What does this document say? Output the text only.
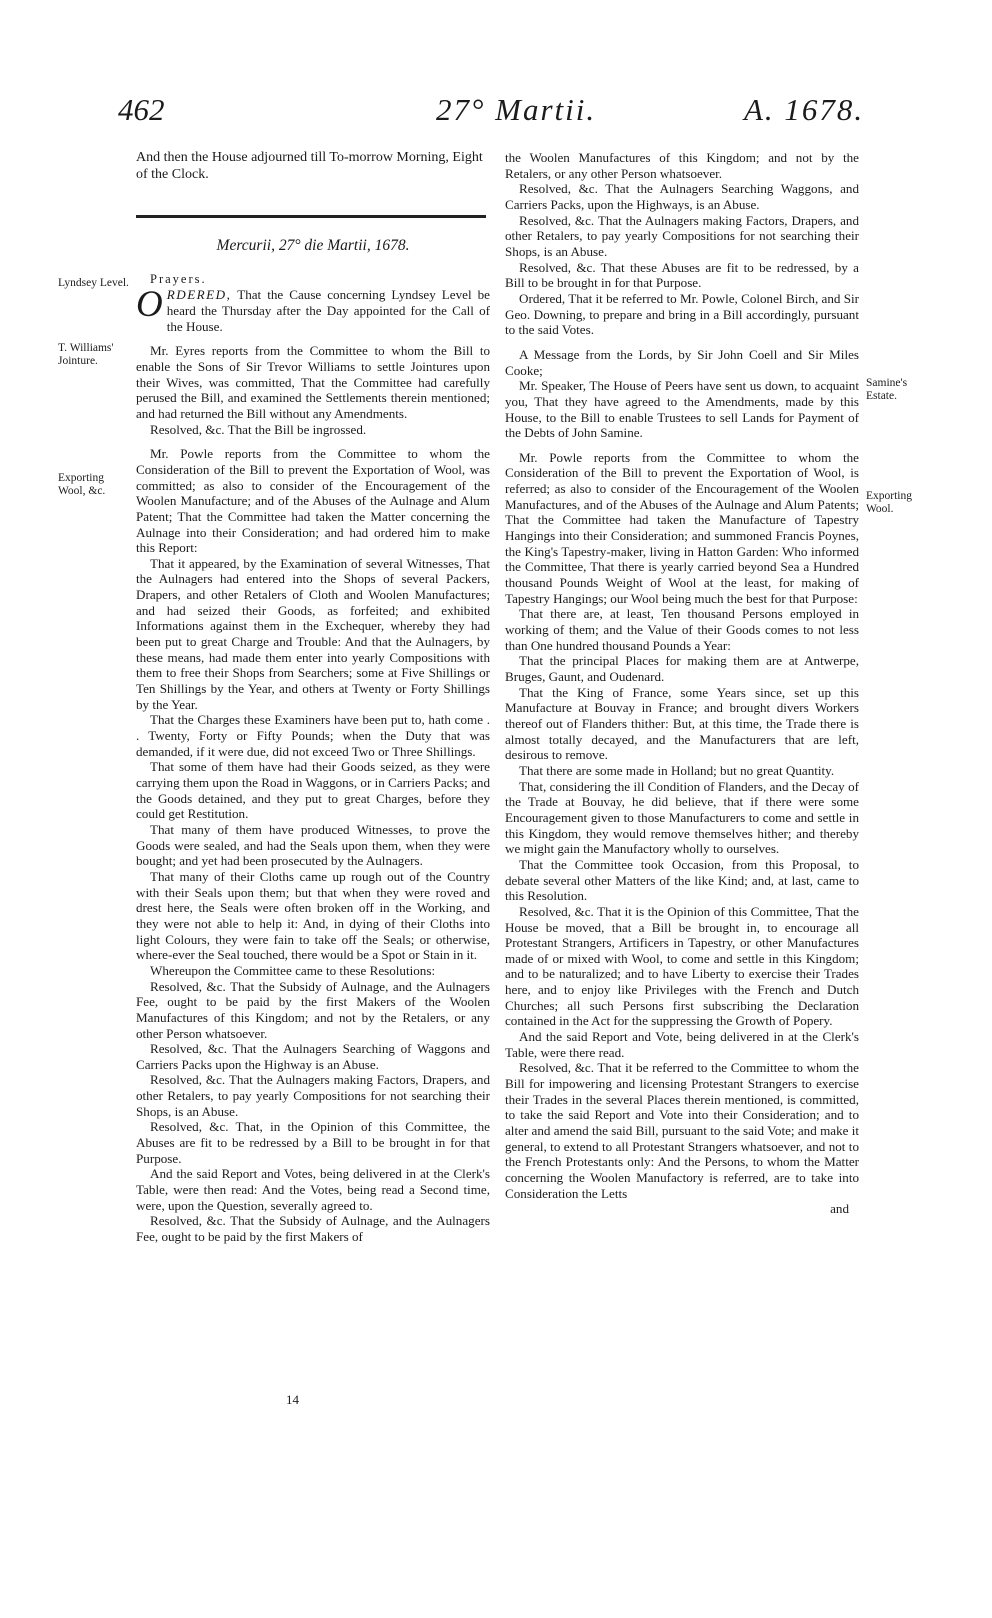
462	27° Martii.	A. 1678.
Lyndsey Level.
T. Williams' Jointure.
Exporting Wool, &c.
Samine's Estate.
Exporting Wool.

And then the House adjourned till To-morrow Morning, Eight of the Clock.

Mercurii, 27° die Martii, 1678.
Prayers.

ORDERED, That the Cause concerning Lyndsey Level be heard the Thursday after the Day appointed for the Call of the House.

Mr. Eyres reports from the Committee to whom the Bill to enable the Sons of Sir Trevor Williams to settle Jointures upon their Wives, was committed, That the Committee had carefully perused the Bill, and examined the Settlements therein mentioned; and had returned the Bill without any Amendments.

Resolved, &c. That the Bill be ingrossed.

Mr. Powle reports from the Committee to whom the Consideration of the Bill to prevent the Exportation of Wool, was committed; as also to consider of the Encouragement of the Woolen Manufacture; and of the Abuses of the Aulnage and Alum Patent; That the Committee had taken the Matter concerning the Aulnage into their Consideration; and had ordered him to make this Report:

That it appeared, by the Examination of several Witnesses, That the Aulnagers had entered into the Shops of several Packers, Drapers, and other Retalers of Cloth and Woolen Manufactures; and had seized their Goods, as forfeited; and exhibited Informations against them in the Exchequer, whereby they had been put to great Charge and Trouble: And that the Aulnagers, by these means, had made them enter into yearly Compositions with them to free their Shops from Searchers; some at Five Shillings or Ten Shillings by the Year, and others at Twenty or Forty Shillings by the Year.

That the Charges these Examiners have been put to, hath come . . Twenty, Forty or Fifty Pounds; when the Duty that was demanded, if it were due, did not exceed Two or Three Shillings.

That some of them have had their Goods seized, as they were carrying them upon the Road in Waggons, or in Carriers Packs; and the Goods detained, and they put to great Charges, before they could get Restitution.

That many of them have produced Witnesses, to prove the Goods were sealed, and had the Seals upon them, when they were bought; and yet had been prosecuted by the Aulnagers.

That many of their Cloths came up rough out of the Country with their Seals upon them; but that when they were roved and drest here, the Seals were often broken off in the Working, and they were not able to help it: And, in dying of their Cloths into light Colours, they were fain to take off the Seals; or otherwise, where-ever the Seal touched, there would be a Spot or Stain in it.

Whereupon the Committee came to these Resolutions:

Resolved, &c. That the Subsidy of Aulnage, and the Aulnagers Fee, ought to be paid by the first Makers of the Woolen Manufactures of this Kingdom; and not by the Retalers, or any other Person whatsoever.

Resolved, &c. That the Aulnagers Searching of Waggons and Carriers Packs upon the Highway is an Abuse.

Resolved, &c. That the Aulnagers making Factors, Drapers, and other Retalers, to pay yearly Compositions for not searching their Shops, is an Abuse.

Resolved, &c. That, in the Opinion of this Committee, the Abuses are fit to be redressed by a Bill to be brought in for that Purpose.

And the said Report and Votes, being delivered in at the Clerk's Table, were then read: And the Votes, being read a Second time, were, upon the Question, severally agreed to.

Resolved, &c. That the Subsidy of Aulnage, and the Aulnagers Fee, ought to be paid by the first Makers of

the Woolen Manufactures of this Kingdom; and not by the Retalers, or any other Person whatsoever.

Resolved, &c. That the Aulnagers Searching Waggons, and Carriers Packs, upon the Highways, is an Abuse.

Resolved, &c. That the Aulnagers making Factors, Drapers, and other Retalers, to pay yearly Compositions for not searching their Shops, is an Abuse.

Resolved, &c. That these Abuses are fit to be redressed, by a Bill to be brought in for that Purpose.

Ordered, That it be referred to Mr. Powle, Colonel Birch, and Sir Geo. Downing, to prepare and bring in a Bill accordingly, pursuant to the said Votes.

A Message from the Lords, by Sir John Coell and Sir Miles Cooke;

Mr. Speaker, The House of Peers have sent us down, to acquaint you, That they have agreed to the Amendments, made by this House, to the Bill to enable Trustees to sell Lands for Payment of the Debts of John Samine.

Mr. Powle reports from the Committee to whom the Consideration of the Bill to prevent the Exportation of Wool, is referred; as also to consider of the Encouragement of the Woolen Manufactures, and of the Abuses of the Aulnage and Alum Patents; That the Committee had taken the Manufacture of Tapestry Hangings into their Consideration; and summoned Francis Poynes, the King's Tapestry-maker, living in Hatton Garden: Who informed the Committee, That there is yearly carried beyond Sea a Hundred thousand Pounds Weight of Wool at the least, for making of Tapestry Hangings; our Wool being much the best for that Purpose:

That there are, at least, Ten thousand Persons employed in working of them; and the Value of their Goods comes to not less than One hundred thousand Pounds a Year:

That the principal Places for making them are at Antwerpe, Bruges, Gaunt, and Oudenard.

That the King of France, some Years since, set up this Manufacture at Bouvay in France; and brought divers Workers thereof out of Flanders thither: But, at this time, the Trade there is almost totally decayed, and the Manufacturers that are left, desirous to remove.

That there are some made in Holland; but no great Quantity.

That, considering the ill Condition of Flanders, and the Decay of the Trade at Bouvay, he did believe, that if there were some Encouragement given to those Manufacturers to come and settle in this Kingdom, they would remove themselves hither; and thereby we might gain the Manufactory wholly to ourselves.

That the Committee took Occasion, from this Proposal, to debate several other Matters of the like Kind; and, at last, came to this Resolution.

Resolved, &c. That it is the Opinion of this Committee, That the House be moved, that a Bill be brought in, to encourage all Protestant Strangers, Artificers in Tapestry, or other Manufactures made of or mixed with Wool, to come and settle in this Kingdom; and to be naturalized; and to have Liberty to exercise their Trades here, and to enjoy like Privileges with the French and Dutch Churches; all such Persons first subscribing the Declaration contained in the Act for the suppressing the Growth of Popery.

And the said Report and Vote, being delivered in at the Clerk's Table, were there read.

Resolved, &c. That it be referred to the Committee to whom the Bill for impowering and licensing Protestant Strangers to exercise their Trades in the several Places therein mentioned, is committed, to take the said Report and Vote into their Consideration; and to alter and amend the said Bill, pursuant to the said Vote; and make it general, to extend to all Protestant Strangers whatsoever, and not to the French Protestants only: And the Persons, to whom the Matter concerning the Woolen Manufactory is referred, are to take into Consideration the Letts

and

14
